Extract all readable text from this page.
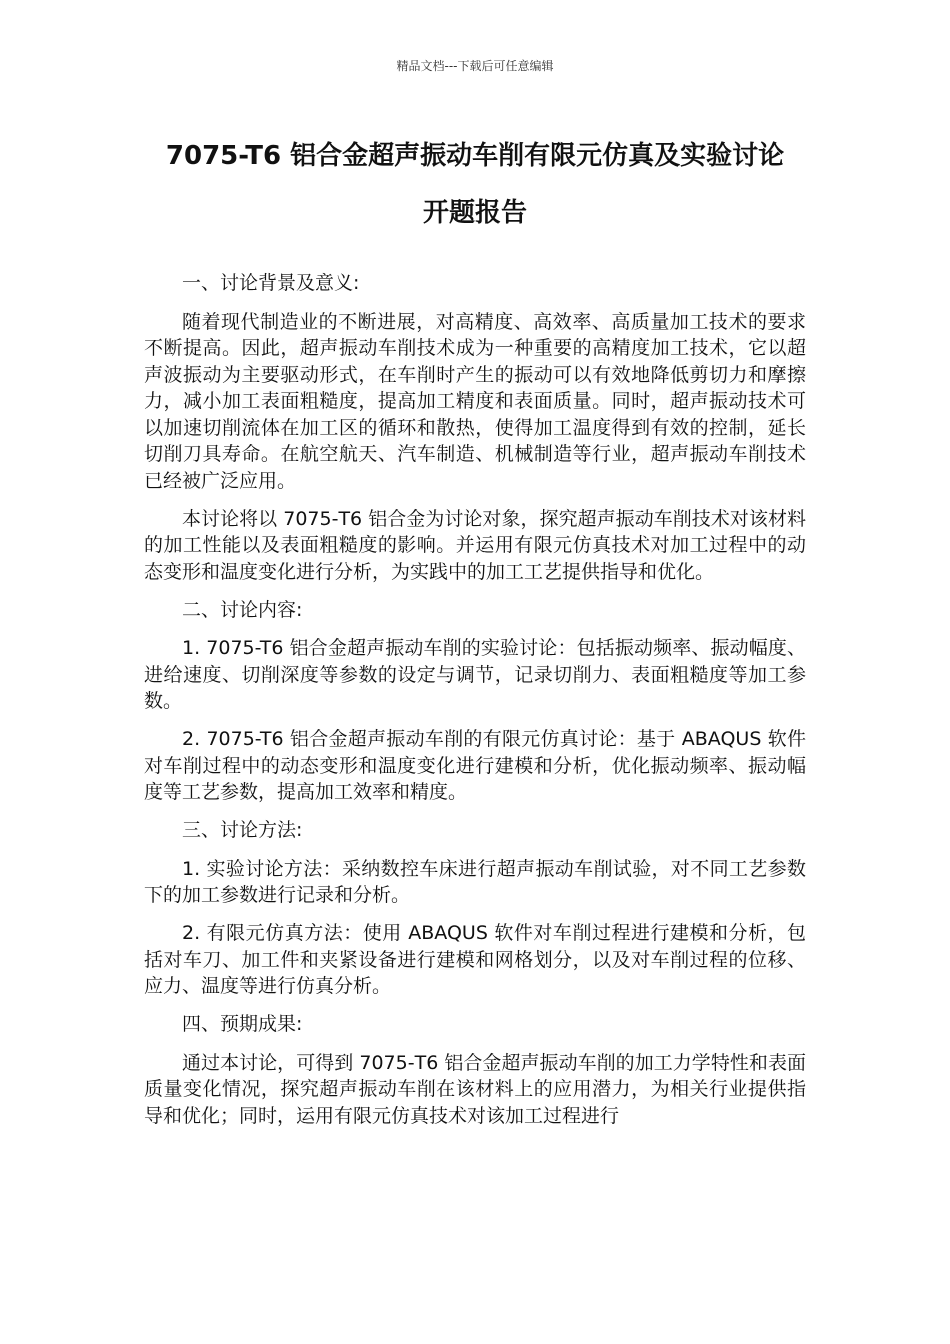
精品文档---下载后可任意编辑
7075-T6 铝合金超声振动车削有限元仿真及实验讨论
开题报告

一、讨论背景及意义:

随着现代制造业的不断进展，对高精度、高效率、高质量加工技术的要求不断提高。因此，超声振动车削技术成为一种重要的高精度加工技术，它以超声波振动为主要驱动形式，在车削时产生的振动可以有效地降低剪切力和摩擦力，减小加工表面粗糙度，提高加工精度和表面质量。同时，超声振动技术可以加速切削流体在加工区的循环和散热，使得加工温度得到有效的控制，延长切削刀具寿命。在航空航天、汽车制造、机械制造等行业，超声振动车削技术已经被广泛应用。

本讨论将以 7075-T6 铝合金为讨论对象，探究超声振动车削技术对该材料的加工性能以及表面粗糙度的影响。并运用有限元仿真技术对加工过程中的动态变形和温度变化进行分析，为实践中的加工工艺提供指导和优化。

二、讨论内容:

1. 7075-T6 铝合金超声振动车削的实验讨论：包括振动频率、振动幅度、进给速度、切削深度等参数的设定与调节，记录切削力、表面粗糙度等加工参数。

2. 7075-T6 铝合金超声振动车削的有限元仿真讨论：基于 ABAQUS 软件对车削过程中的动态变形和温度变化进行建模和分析，优化振动频率、振动幅度等工艺参数，提高加工效率和精度。

三、讨论方法:

1. 实验讨论方法：采纳数控车床进行超声振动车削试验，对不同工艺参数下的加工参数进行记录和分析。

2. 有限元仿真方法：使用 ABAQUS 软件对车削过程进行建模和分析，包括对车刀、加工件和夹紧设备进行建模和网格划分，以及对车削过程的位移、应力、温度等进行仿真分析。

四、预期成果:

通过本讨论，可得到 7075-T6 铝合金超声振动车削的加工力学特性和表面质量变化情况，探究超声振动车削在该材料上的应用潜力，为相关行业提供指导和优化；同时，运用有限元仿真技术对该加工过程进行
